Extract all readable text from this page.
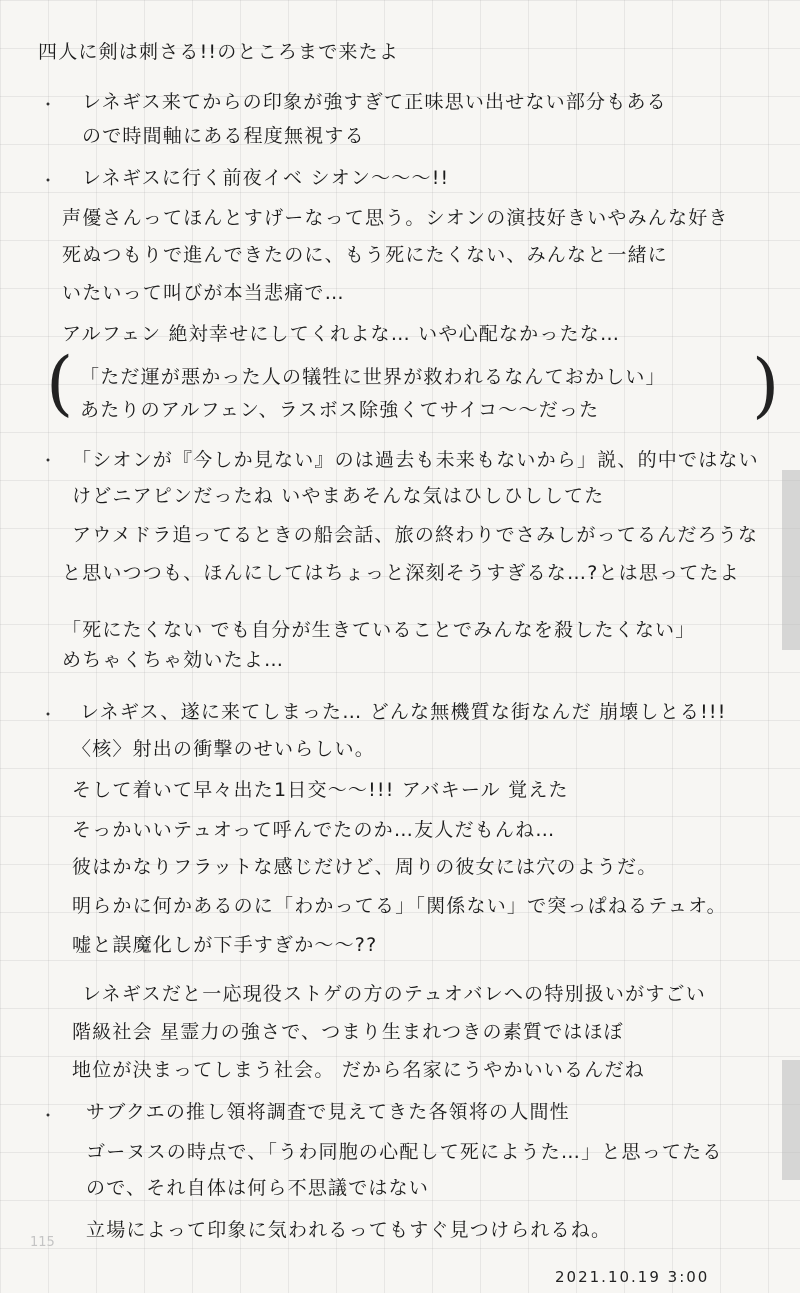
四人に剣は刺さる!!のところまで来たよ
・ レネギス来てからの印象が強すぎて正味思い出せない部分もある
ので時間軸にある程度無視する
・ レネギスに行く前夜イベ シオン〜〜〜!!
声優さんってほんとすげーなって思う。シオンの演技好きいやみんな好き
死ぬつもりで進んできたのに、もう死にたくない、みんなと一緒に
いたいって叫びが本当悲痛で…
アルフェン 絶対幸せにしてくれよな… いや心配なかったな…
( 「ただ運が悪かった人の犠牲に世界が救われるなんておかしい」
あたりのアルフェン、ラスボス除強くてサイコ〜〜だった )
・ 「シオンが『今しか見ない』のは過去も未来もないから」説、的中ではない
けどニアピンだったね いやまあそんな気はひしひししてた
アウメドラ追ってるときの船会話、旅の終わりでさみしがってるんだろうな
と思いつつも、ほんにしてはちょっと深刻そうすぎるな…?とは思ってたよ
「死にたくない でも自分が生きていることでみんなを殺したくない」
めちゃくちゃ効いたよ…
・ レネギス、遂に来てしまった… どんな無機質な街なんだ 崩壊しとる!!!
〈核〉射出の衝撃のせいらしい。
そして着いて早々出た1日交〜〜!!! アバキール 覚えた
そっかいいテュオって呼んでたのか…友人だもんね…
彼はかなりフラットな感じだけど、周りの彼女には穴のようだ。
明らかに何かあるのに「わかってる」「関係ない」で突っぱねるテュオ。
嘘と誤魔化しが下手すぎか〜〜??
レネギスだと一応現役ストゲの方のテュオバレへの特別扱いがすごい
階級社会 星霊力の強さで、つまり生まれつきの素質ではほぼ
地位が決まってしまう社会。 だから名家にうやかいいるんだね
・ サブクエの推し領将調査で見えてきた各領将の人間性
ゴーヌスの時点で、「うわ同胞の心配して死にようた…」と思ってたる
ので、それ自体は何ら不思議ではない
立場によって印象に気われるってもすぐ見つけられるね。
115
2021.10.19 3:00
